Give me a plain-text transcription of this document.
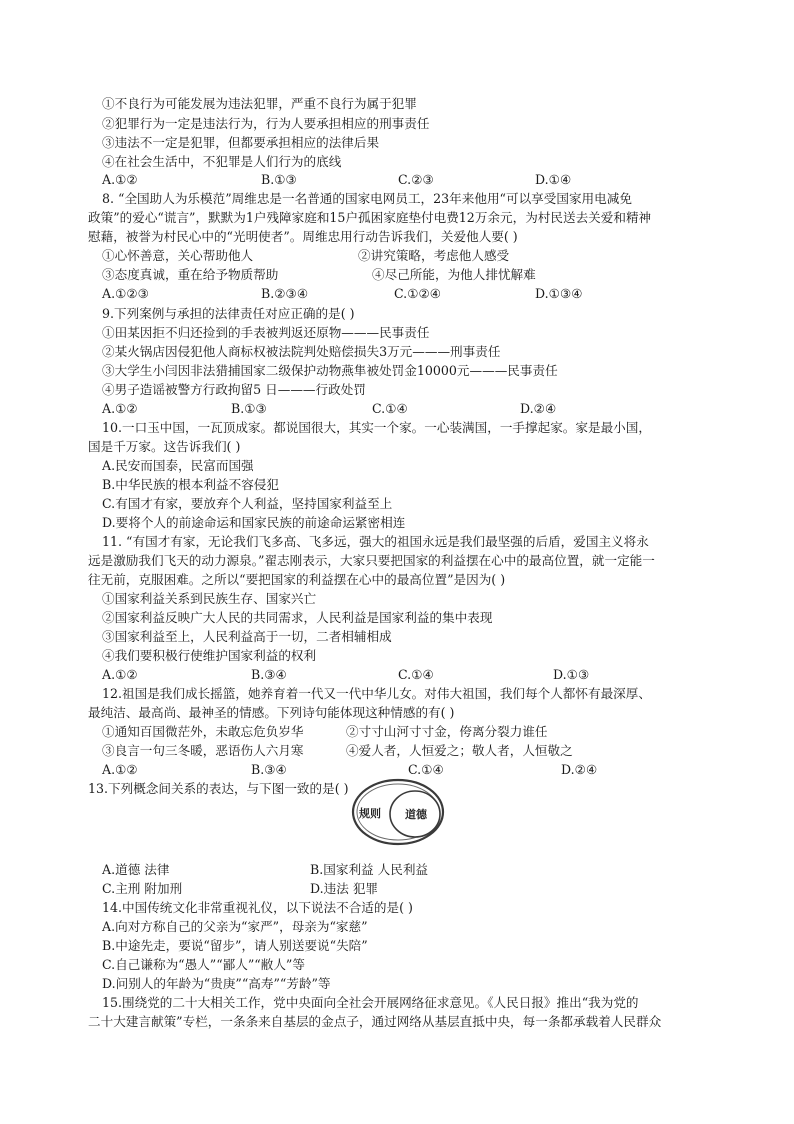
①不良行为可能发展为违法犯罪，严重不良行为属于犯罪
②犯罪行为一定是违法行为，行为人要承担相应的刑事责任
③违法不一定是犯罪，但都要承担相应的法律后果
④在社会生活中，不犯罪是人们行为的底线
A.①②	B.①③	C.②③	D.①④
8. “全国助人为乐模范”周维忠是一名普通的国家电网员工，23年来他用“可以享受国家用电减免
政策”的爱心“谎言”，默默为1户残障家庭和15户孤困家庭垫付电费12万余元，为村民送去关爱和精神
慰藉，被誉为村民心中的“光明使者”。周维忠用行动告诉我们，关爱他人要( )
①心怀善意，关心帮助他人	②讲究策略，考虑他人感受
③态度真诚，重在给予物质帮助	④尽己所能，为他人排忧解难
A.①②③	B.②③④	C.①②④	D.①③④
9.下列案例与承担的法律责任对应正确的是( )
①田某因拒不归还捡到的手表被判返还原物———民事责任
②某火锅店因侵犯他人商标权被法院判处赔偿损失3万元———刑事责任
③大学生小闫因非法猎捕国家二级保护动物燕隼被处罚金10000元———民事责任
④男子造谣被警方行政拘留5 日———行政处罚
A.①②	B.①③	C.①④	D.②④
10.一口玉中国，一瓦顶成家。都说国很大，其实一个家。一心装满国，一手撑起家。家是最小国，
国是千万家。这告诉我们( )
A.民安而国泰，民富而国强
B.中华民族的根本利益不容侵犯
C.有国才有家，要放弃个人利益，坚持国家利益至上
D.要将个人的前途命运和国家民族的前途命运紧密相连
11. “有国才有家，无论我们飞多高、飞多远，强大的祖国永远是我们最坚强的后盾，爱国主义将永
远是激励我们飞天的动力源泉。”翟志刚表示，大家只要把国家的利益摆在心中的最高位置，就一定能一
往无前，克服困难。之所以“要把国家的利益摆在心中的最高位置”是因为( )
①国家利益关系到民族生存、国家兴亡
②国家利益反映广大人民的共同需求，人民利益是国家利益的集中表现
③国家利益至上，人民利益高于一切，二者相辅相成
④我们要积极行使维护国家利益的权利
A.①②	B.③④	C.①④	D.①③
12.祖国是我们成长摇篮，她养育着一代又一代中华儿女。对伟大祖国，我们每个人都怀有最深厚、
最纯洁、最高尚、最神圣的情感。下列诗句能体现这种情感的有( )
①通知百国微茫外，未敢忘危负岁华	②寸寸山河寸寸金，侉离分裂力谁任
③良言一句三冬暖，恶语伤人六月寒	④爱人者，人恒爱之；敬人者，人恒敬之
A.①②	B.③④	C.①④	D.②④
13.下列概念间关系的表达，与下图一致的是( )
规则 道德
A.道德 法律	B.国家利益 人民利益
C.主刑 附加刑	D.违法 犯罪
14.中国传统文化非常重视礼仪，以下说法不合适的是( )
A.向对方称自己的父亲为“家严”，母亲为“家慈”
B.中途先走，要说“留步”，请人别送要说“失陪”
C.自己谦称为“愚人”“鄙人”“敝人”等
D.问别人的年龄为“贵庚”“高寿”“芳龄”等
15.围绕党的二十大相关工作，党中央面向全社会开展网络征求意见。《人民日报》推出“我为党的
二十大建言献策”专栏，一条条来自基层的金点子，通过网络从基层直抵中央，每一条都承载着人民群众
